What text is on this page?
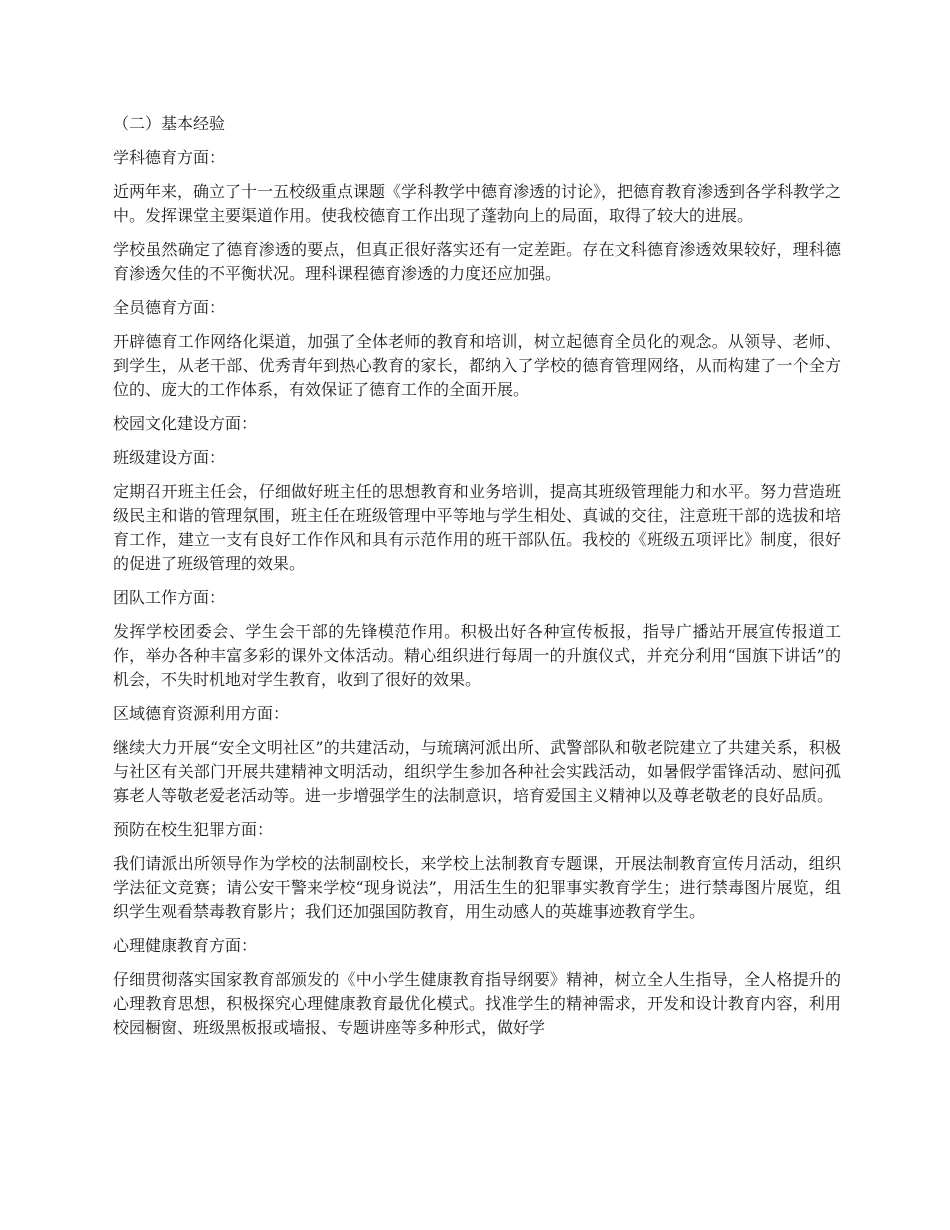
（二）基本经验

学科德育方面：

近两年来，确立了十一五校级重点课题《学科教学中德育渗透的讨论》，把德育教育渗透到各学科教学之中。发挥课堂主要渠道作用。使我校德育工作出现了蓬勃向上的局面，取得了较大的进展。

学校虽然确定了德育渗透的要点，但真正很好落实还有一定差距。存在文科德育渗透效果较好，理科德育渗透欠佳的不平衡状况。理科课程德育渗透的力度还应加强。

全员德育方面：

开辟德育工作网络化渠道，加强了全体老师的教育和培训，树立起德育全员化的观念。从领导、老师、到学生，从老干部、优秀青年到热心教育的家长，都纳入了学校的德育管理网络，从而构建了一个全方位的、庞大的工作体系，有效保证了德育工作的全面开展。

校园文化建设方面：

班级建设方面：

定期召开班主任会，仔细做好班主任的思想教育和业务培训，提高其班级管理能力和水平。努力营造班级民主和谐的管理氛围，班主任在班级管理中平等地与学生相处、真诚的交往，注意班干部的选拔和培育工作，建立一支有良好工作作风和具有示范作用的班干部队伍。我校的《班级五项评比》制度，很好的促进了班级管理的效果。

团队工作方面：

发挥学校团委会、学生会干部的先锋模范作用。积极出好各种宣传板报，指导广播站开展宣传报道工作，举办各种丰富多彩的课外文体活动。精心组织进行每周一的升旗仪式，并充分利用“国旗下讲话”的机会，不失时机地对学生教育，收到了很好的效果。

区域德育资源利用方面：

继续大力开展“安全文明社区”的共建活动，与琉璃河派出所、武警部队和敬老院建立了共建关系，积极与社区有关部门开展共建精神文明活动，组织学生参加各种社会实践活动，如暑假学雷锋活动、慰问孤寡老人等敬老爱老活动等。进一步增强学生的法制意识，培育爱国主义精神以及尊老敬老的良好品质。

预防在校生犯罪方面：

我们请派出所领导作为学校的法制副校长，来学校上法制教育专题课，开展法制教育宣传月活动，组织学法征文竞赛；请公安干警来学校“现身说法”，用活生生的犯罪事实教育学生；进行禁毒图片展览，组织学生观看禁毒教育影片；我们还加强国防教育，用生动感人的英雄事迹教育学生。

心理健康教育方面：

仔细贯彻落实国家教育部颁发的《中小学生健康教育指导纲要》精神，树立全人生指导，全人格提升的心理教育思想，积极探究心理健康教育最优化模式。找准学生的精神需求，开发和设计教育内容，利用校园橱窗、班级黑板报或墙报、专题讲座等多种形式，做好学
